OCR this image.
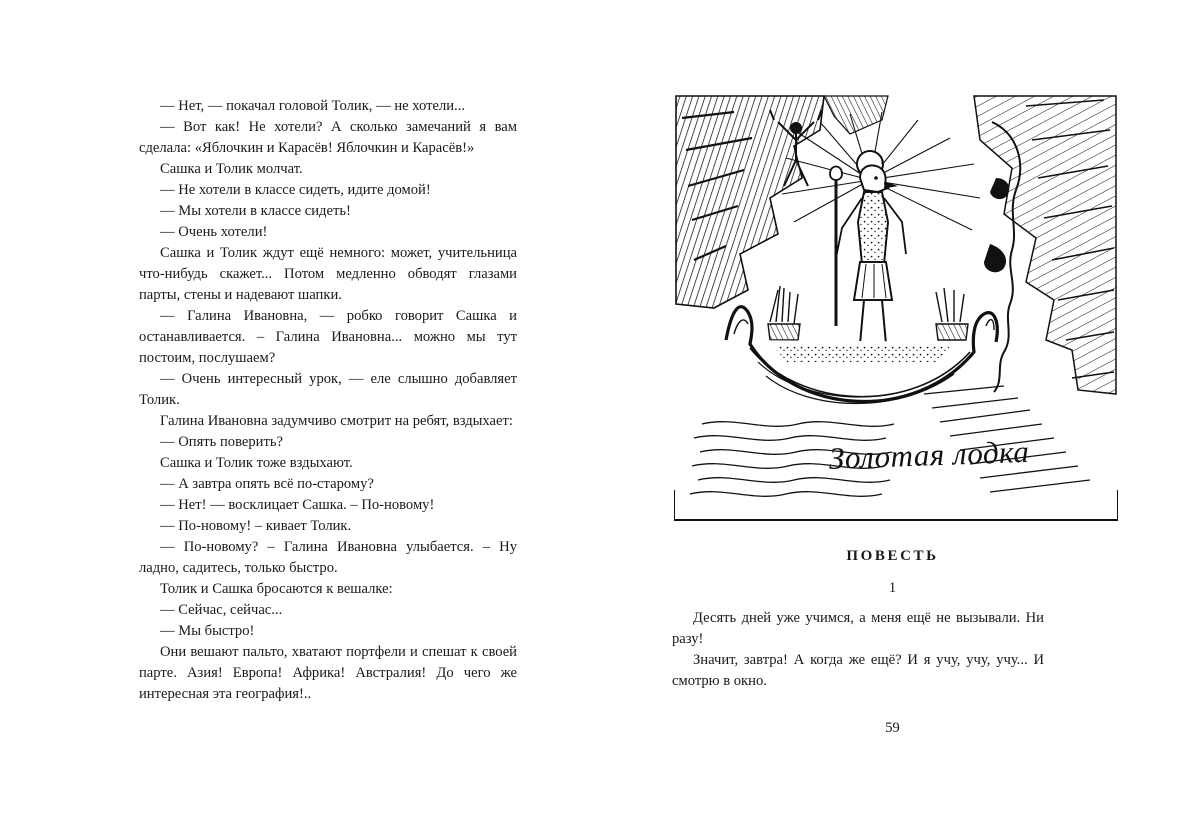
— Нет, — покачал головой Толик, — не хотели...

— Вот как! Не хотели? А сколько замечаний я вам сделала: «Яблочкин и Карасёв! Яблочкин и Карасёв!»

Сашка и Толик молчат.

— Не хотели в классе сидеть, идите домой!

— Мы хотели в классе сидеть!

— Очень хотели!

Сашка и Толик ждут ещё немного: может, учительница что-нибудь скажет... Потом медленно обводят глазами парты, стены и надевают шапки.

— Галина Ивановна, — робко говорит Сашка и останавливается. – Галина Ивановна... можно мы тут постоим, послушаем?

— Очень интересный урок, — еле слышно добавляет Толик.

Галина Ивановна задумчиво смотрит на ребят, вздыхает:

— Опять поверить?

Сашка и Толик тоже вздыхают.

— А завтра опять всё по-старому?

— Нет! — восклицает Сашка. – По-новому!

— По-новому! – кивает Толик.

— По-новому? – Галина Ивановна улыбается. – Ну ладно, садитесь, только быстро.

Толик и Сашка бросаются к вешалке:

— Сейчас, сейчас...

— Мы быстро!

Они вешают пальто, хватают портфели и спешат к своей парте. Азия! Европа! Африка! Австралия! До чего же интересная эта география!..

Золотая лодка
ПОВЕСТЬ
1

Десять дней уже учимся, а меня ещё не вызывали. Ни разу!

Значит, завтра! А когда же ещё? И я учу, учу, учу... И смотрю в окно.

59
